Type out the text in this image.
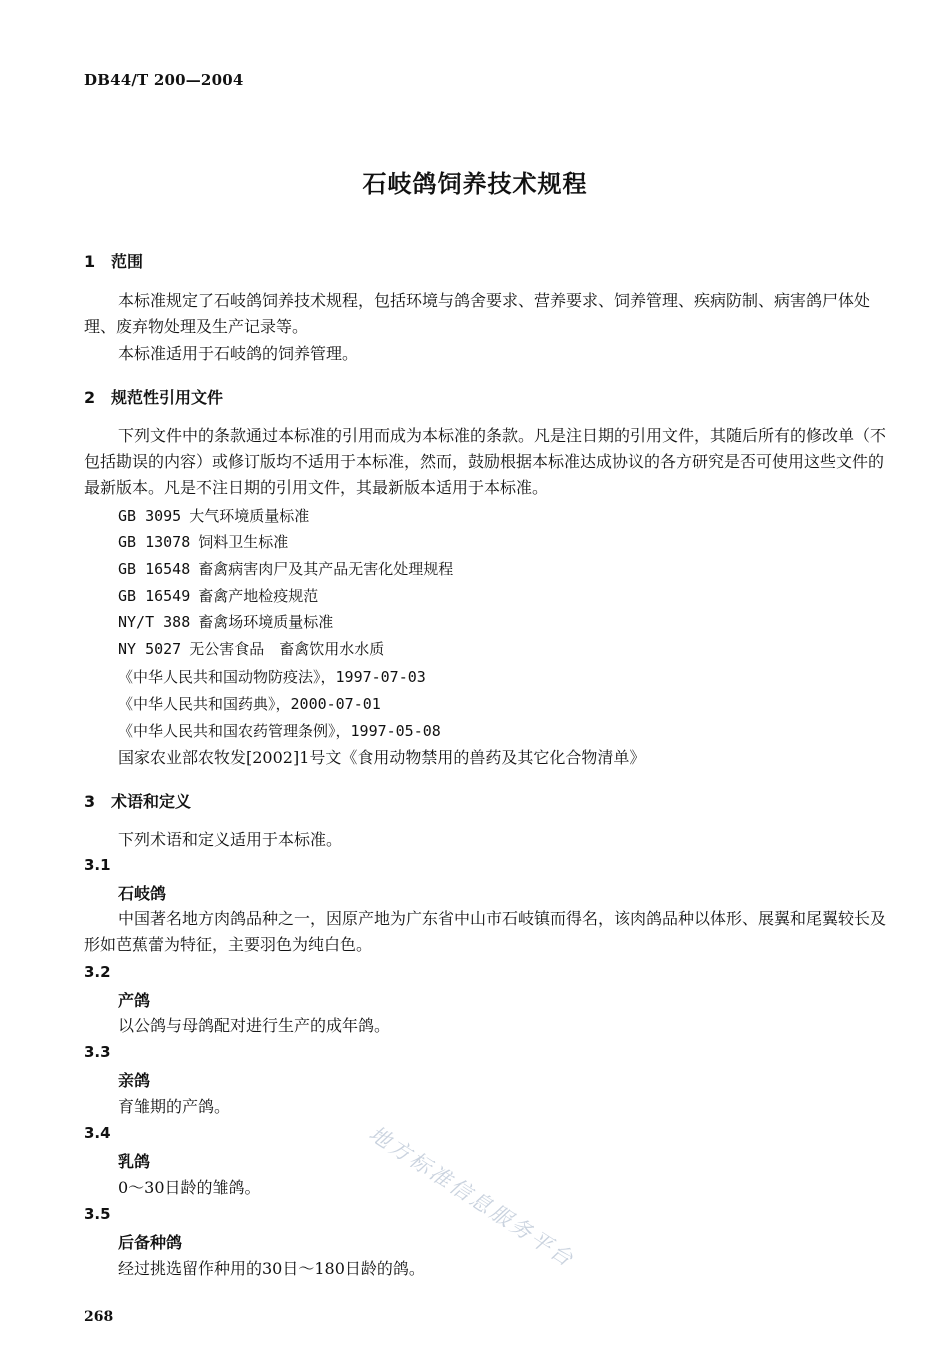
DB44/T 200—2004
石岐鸽饲养技术规程
1 范围
本标准规定了石岐鸽饲养技术规程，包括环境与鸽舍要求、营养要求、饲养管理、疾病防制、病害鸽尸体处理、废弃物处理及生产记录等。
本标准适用于石岐鸽的饲养管理。
2 规范性引用文件
下列文件中的条款通过本标准的引用而成为本标准的条款。凡是注日期的引用文件，其随后所有的修改单（不包括勘误的内容）或修订版均不适用于本标准，然而，鼓励根据本标准达成协议的各方研究是否可使用这些文件的最新版本。凡是不注日期的引用文件，其最新版本适用于本标准。
GB 3095 大气环境质量标准
GB 13078 饲料卫生标准
GB 16548 畜禽病害肉尸及其产品无害化处理规程
GB 16549 畜禽产地检疫规范
NY/T 388 畜禽场环境质量标准
NY 5027 无公害食品　畜禽饮用水水质
《中华人民共和国动物防疫法》，1997-07-03
《中华人民共和国药典》，2000-07-01
《中华人民共和国农药管理条例》，1997-05-08
国家农业部农牧发[2002]1号文《食用动物禁用的兽药及其它化合物清单》
3 术语和定义
下列术语和定义适用于本标准。
3.1
石岐鸽
中国著名地方肉鸽品种之一，因原产地为广东省中山市石岐镇而得名，该肉鸽品种以体形、展翼和尾翼较长及形如芭蕉蕾为特征，主要羽色为纯白色。
3.2
产鸽
以公鸽与母鸽配对进行生产的成年鸽。
3.3
亲鸽
育雏期的产鸽。
3.4
乳鸽
0～30日龄的雏鸽。
3.5
后备种鸽
经过挑选留作种用的30日～180日龄的鸽。
地方标准信息服务平台
268
